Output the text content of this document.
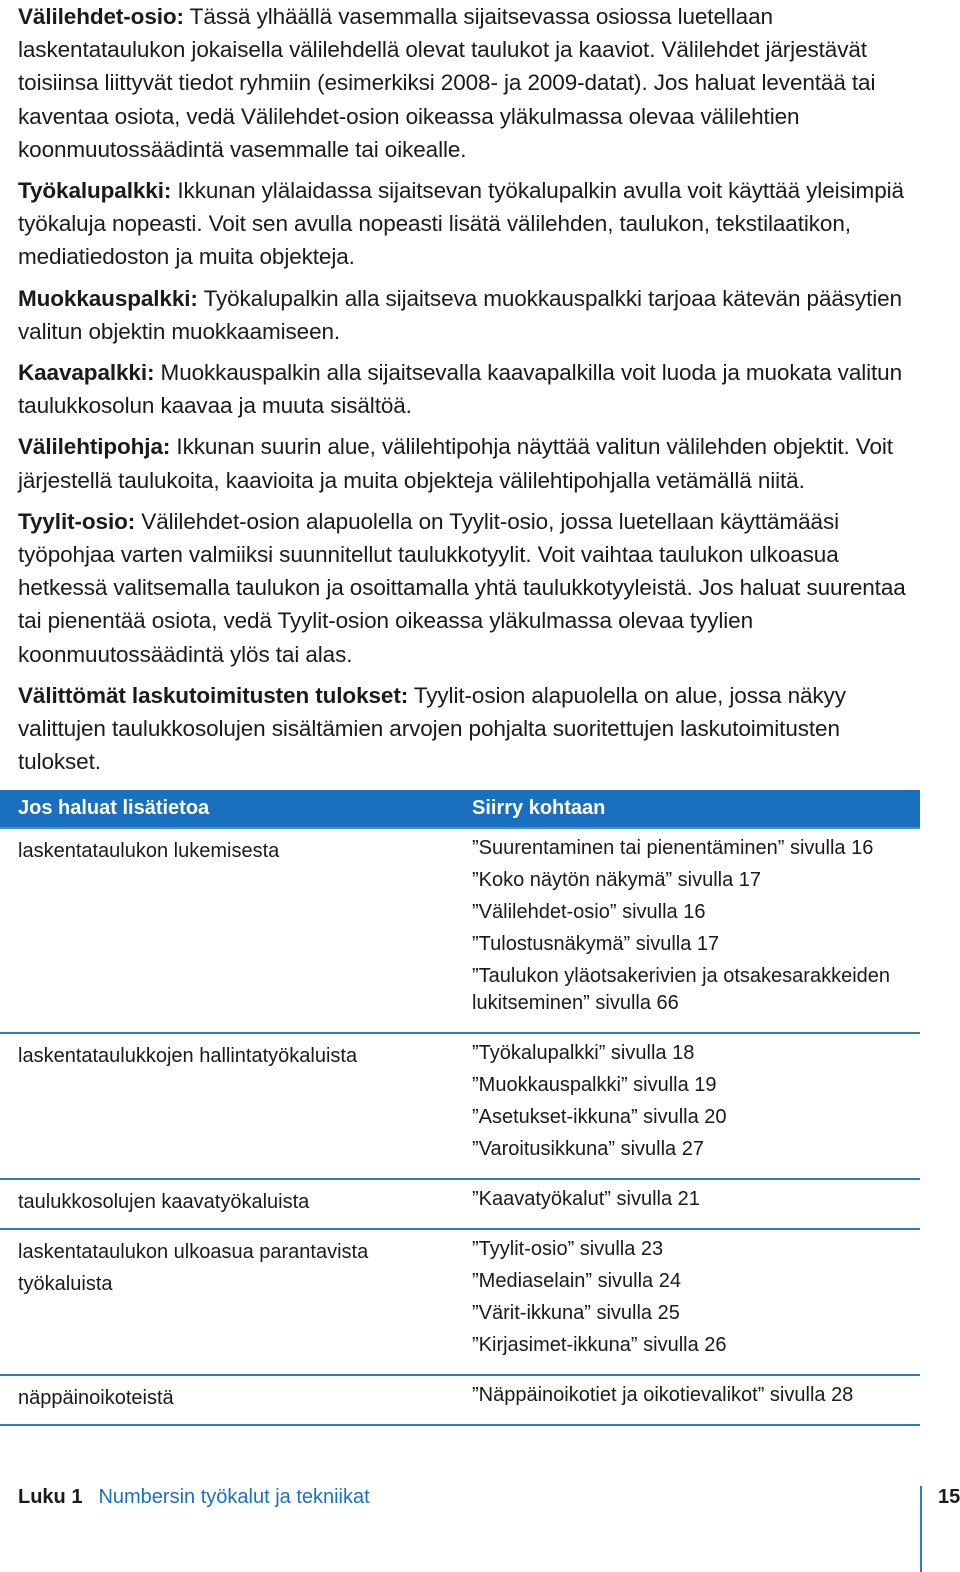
Välilehdet-osio: Tässä ylhäällä vasemmalla sijaitsevassa osiossa luetellaan laskentataulukon jokaisella välilehdellä olevat taulukot ja kaaviot. Välilehdet järjestävät toisiinsa liittyvät tiedot ryhmiin (esimerkiksi 2008- ja 2009-datat). Jos haluat leventää tai kaventaa osiota, vedä Välilehdet-osion oikeassa yläkulmassa olevaa välilehtien koonmuutossäädintä vasemmalle tai oikealle.

Työkalupalkki: Ikkunan ylälaidassa sijaitsevan työkalupalkin avulla voit käyttää yleisimpiä työkaluja nopeasti. Voit sen avulla nopeasti lisätä välilehden, taulukon, tekstilaatikon, mediatiedoston ja muita objekteja.

Muokkauspalkki: Työkalupalkin alla sijaitseva muokkauspalkki tarjoaa kätevän pääsytien valitun objektin muokkaamiseen.

Kaavapalkki: Muokkauspalkin alla sijaitsevalla kaavapalkilla voit luoda ja muokata valitun taulukkosolun kaavaa ja muuta sisältöä.

Välilehtipohja: Ikkunan suurin alue, välilehtipohja näyttää valitun välilehden objektit. Voit järjestellä taulukoita, kaavioita ja muita objekteja välilehtipohjalla vetämällä niitä.

Tyylit-osio: Välilehdet-osion alapuolella on Tyylit-osio, jossa luetellaan käyttämääsi työpohjaa varten valmiiksi suunnitellut taulukkotyylit. Voit vaihtaa taulukon ulkoasua hetkessä valitsemalla taulukon ja osoittamalla yhtä taulukkotyyleistä. Jos haluat suurentaa tai pienentää osiota, vedä Tyylit-osion oikeassa yläkulmassa olevaa tyylien koonmuutossäädintä ylös tai alas.

Välittömät laskutoimitusten tulokset: Tyylit-osion alapuolella on alue, jossa näkyy valittujen taulukkosolujen sisältämien arvojen pohjalta suoritettujen laskutoimitusten tulokset.

Jos haluat lisätietoa	Siirry kohtaan
laskentataulukon lukemisesta	”Suurentaminen tai pienentäminen” sivulla 16
”Koko näytön näkymä” sivulla 17
”Välilehdet-osio” sivulla 16
”Tulostusnäkymä” sivulla 17
”Taulukon yläotsakerivien ja otsakesarakkeiden lukitseminen” sivulla 66

laskentataulukkojen hallintatyökaluista	”Työkalupalkki” sivulla 18
”Muokkauspalkki” sivulla 19
”Asetukset-ikkuna” sivulla 20
”Varoitusikkuna” sivulla 27

taulukkosolujen kaavatyökaluista	”Kaavatyökalut” sivulla 21

laskentataulukon ulkoasua parantavista työkaluista	”Tyylit-osio” sivulla 23
”Mediaselain” sivulla 24
”Värit-ikkuna” sivulla 25
”Kirjasimet-ikkuna” sivulla 26

näppäinoikoteistä	”Näppäinoikotiet ja oikotievalikot” sivulla 28
Luku 1 Numbersin työkalut ja tekniikat	15
